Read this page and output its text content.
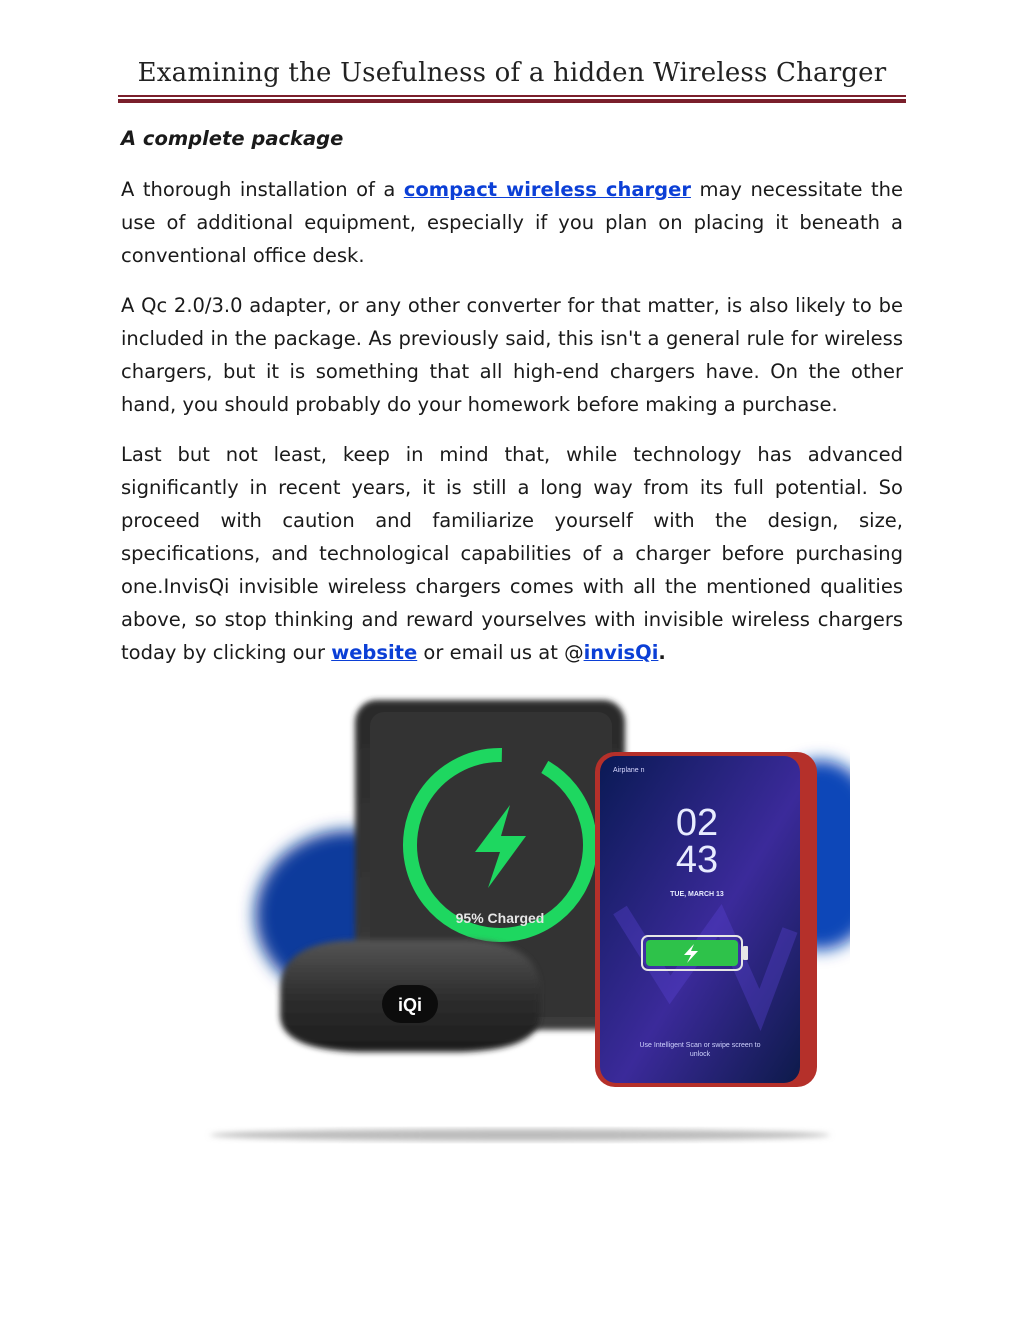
Examining the Usefulness of a hidden Wireless Charger
A complete package

A thorough installation of a compact wireless charger may necessitate the use of additional equipment, especially if you plan on placing it beneath a conventional office desk.

A Qc 2.0/3.0 adapter, or any other converter for that matter, is also likely to be included in the package. As previously said, this isn't a general rule for wireless chargers, but it is something that all high-end chargers have. On the other hand, you should probably do your homework before making a purchase.

Last but not least, keep in mind that, while technology has advanced significantly in recent years, it is still a long way from its full potential. So proceed with caution and familiarize yourself with the design, size, specifications, and technological capabilities of a charger before purchasing one.InvisQi invisible wireless chargers comes with all the mentioned qualities above, so stop thinking and reward yourselves with invisible wireless chargers today by clicking our website or email us at @invisQi.

95% Charged
Airplane n
02
43
TUE, MARCH 13
Use Intelligent Scan or swipe screen to
unlock
iQi
